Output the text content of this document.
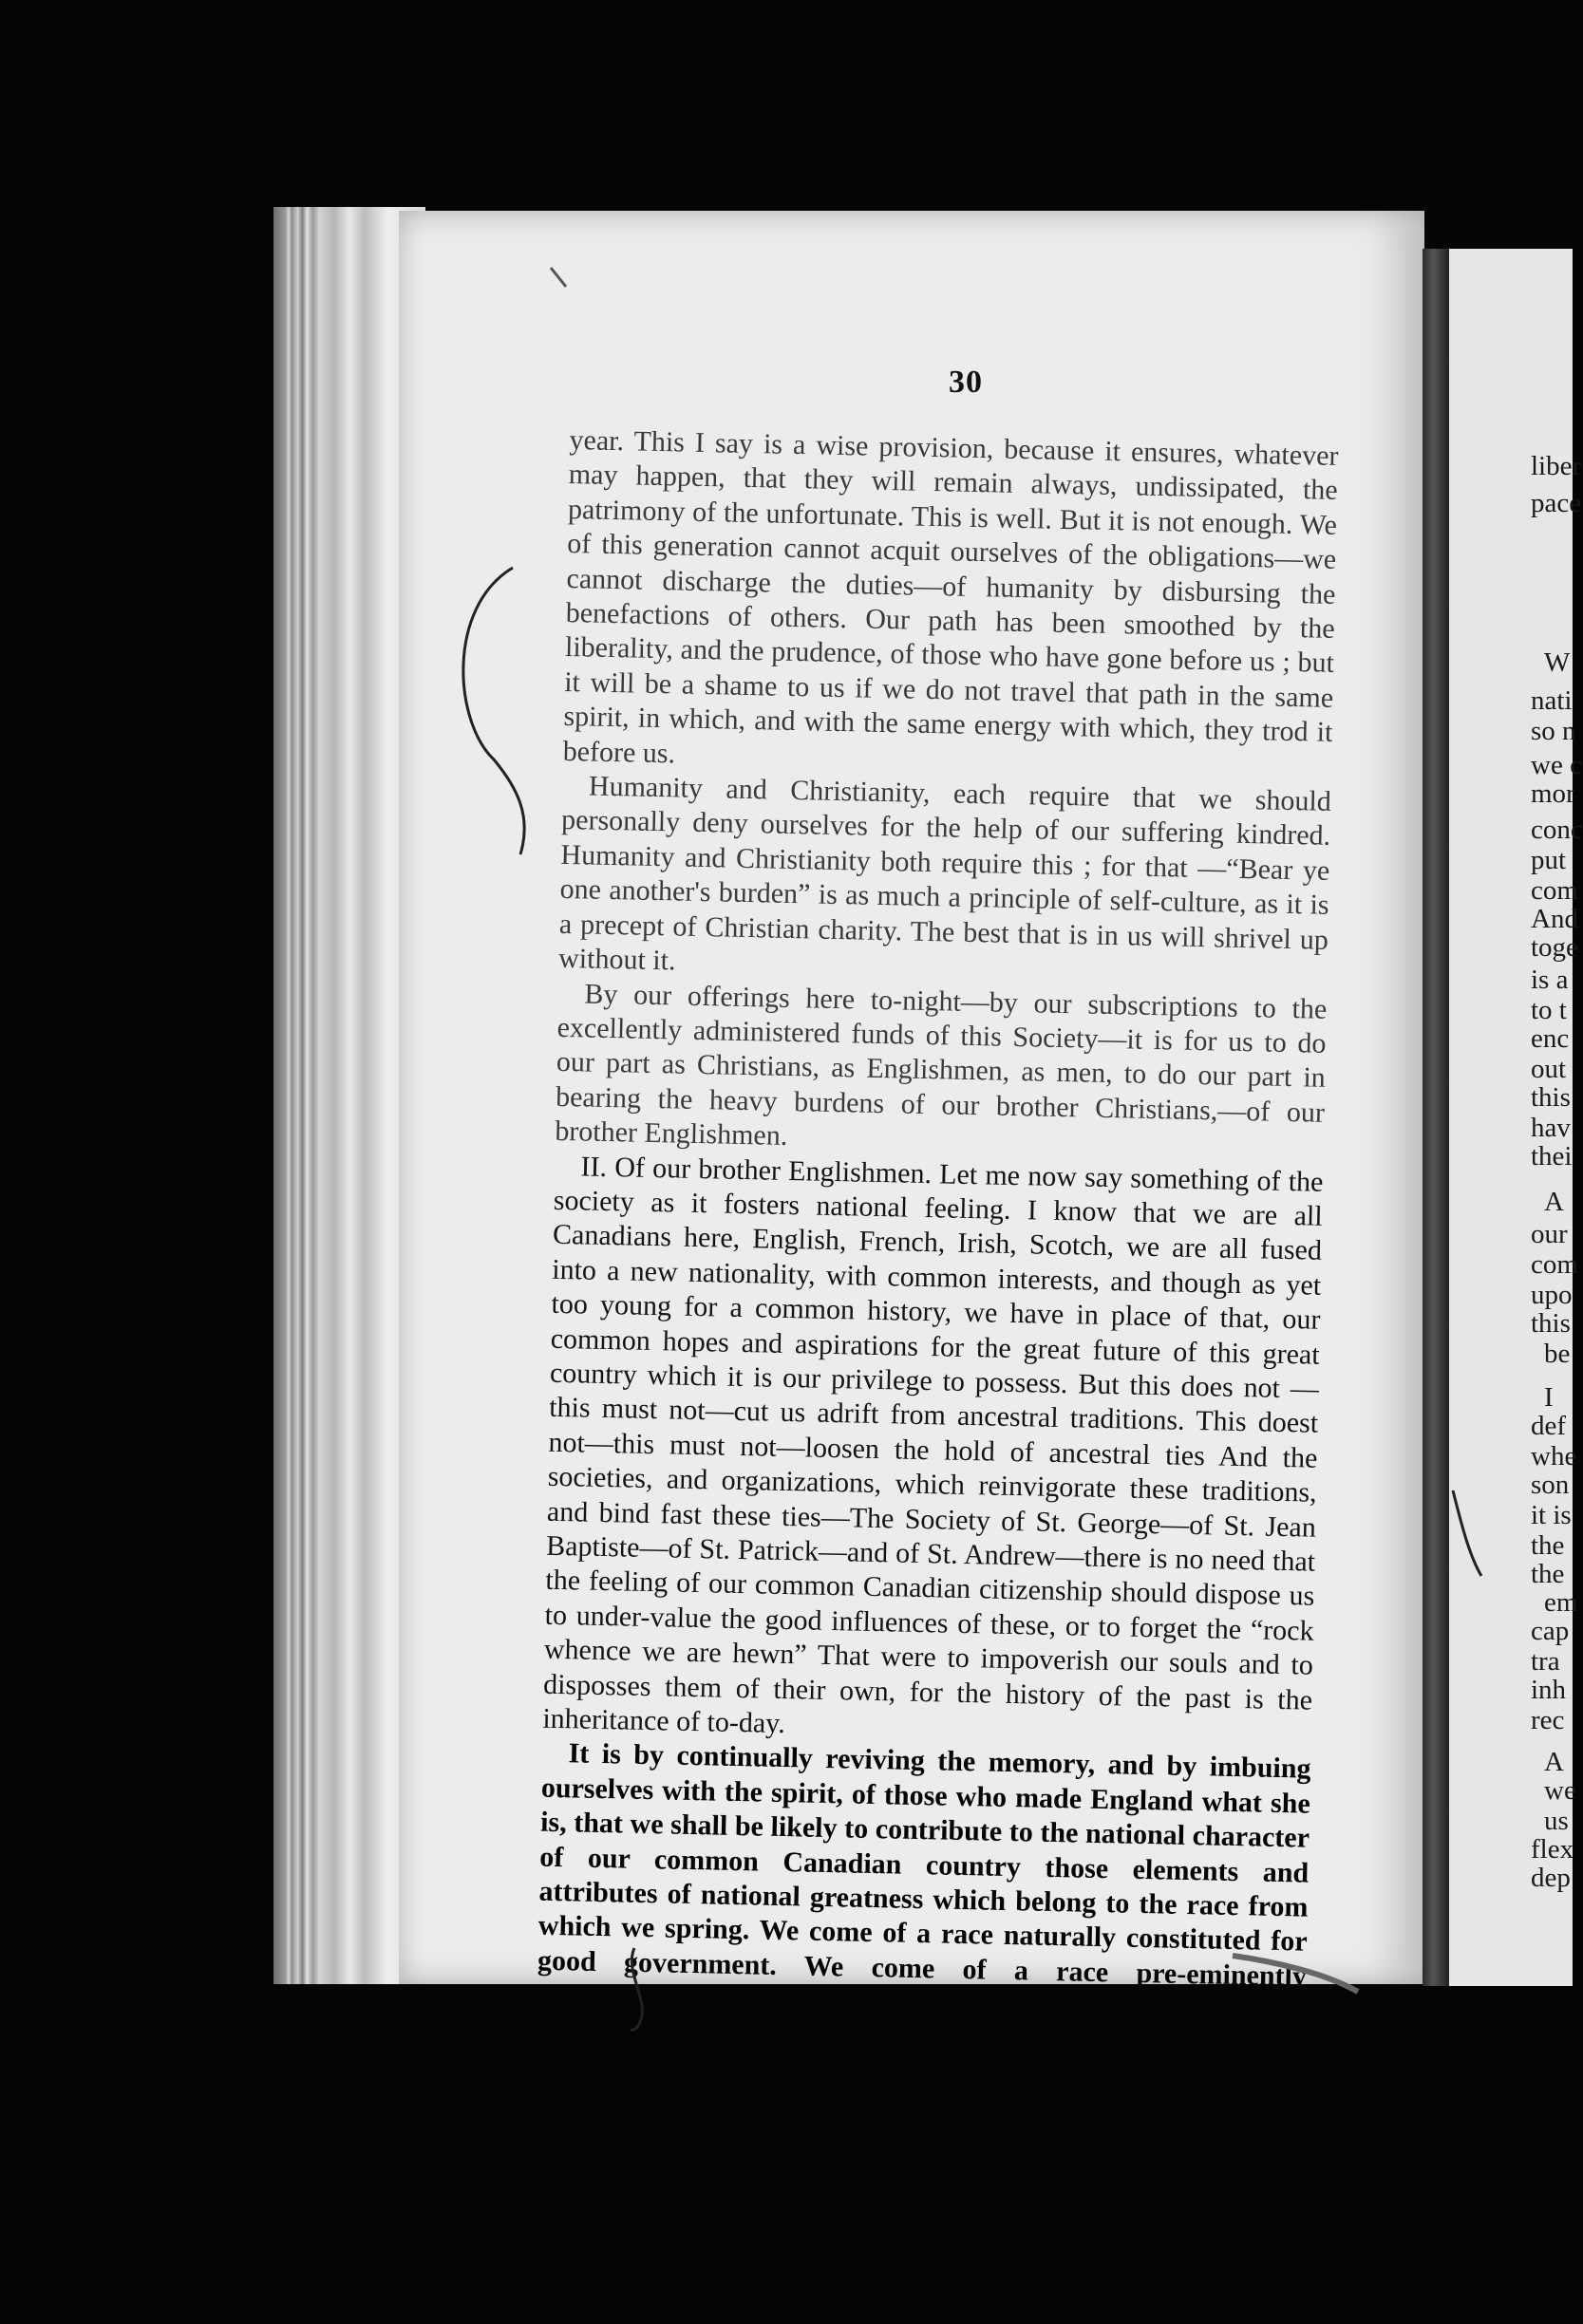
liber
pace
W
nati
so n
we c
mor
conc
put
com
And
toge
is a
to t
enc
out
this
hav
thei
A
our
com
upo
this
be
I
def
whe
son
it is
the
the
em
cap
tra
inh
rec
A
we
us
flex
dep
30

year. This I say is a wise provision, because it ensures, whatever may happen, that they will remain always, undissipated, the patrimony of the unfortunate. This is well. But it is not enough. We of this generation cannot acquit ourselves of the obligations—we cannot discharge the duties—of humanity by disbursing the benefactions of others. Our path has been smoothed by the liberality, and the prudence, of those who have gone before us ; but it will be a shame to us if we do not travel that path in the same spirit, in which, and with the same energy with which, they trod it before us.

Humanity and Christianity, each require that we should personally deny ourselves for the help of our suffering kindred. Humanity and Christianity both require this ; for that —“Bear ye one another's burden” is as much a principle of self-culture, as it is a precept of Christian charity. The best that is in us will shrivel up without it.

By our offerings here to-night—by our subscriptions to the excellently administered funds of this Society—it is for us to do our part as Christians, as Englishmen, as men, to do our part in bearing the heavy burdens of our brother Christians,—of our brother Englishmen.

II. Of our brother Englishmen. Let me now say something of the society as it fosters national feeling. I know that we are all Canadians here, English, French, Irish, Scotch, we are all fused into a new nationality, with common interests, and though as yet too young for a common history, we have in place of that, our common hopes and aspirations for the great future of this great country which it is our privilege to possess. But this does not —this must not—cut us adrift from ancestral traditions. This doest not—this must not—loosen the hold of ancestral ties And the societies, and organizations, which reinvigorate these traditions, and bind fast these ties—The Society of St. George—of St. Jean Baptiste—of St. Patrick—and of St. Andrew—there is no need that the feeling of our common Canadian citizenship should dispose us to under-value the good influences of these, or to forget the “rock whence we are hewn” That were to impoverish our souls and to disposses them of their own, for the history of the past is the inheritance of to-day.

It is by continually reviving the memory, and by imbuing ourselves with the spirit, of those who made England what she is, that we shall be likely to contribute to the national character of our common Canadian country those elements and attributes of national greatness which belong to the race from which we spring. We come of a race naturally constituted for good government. We come of a race pre-eminently progressive and pre-eminently conservative— a race in which the instinct of
